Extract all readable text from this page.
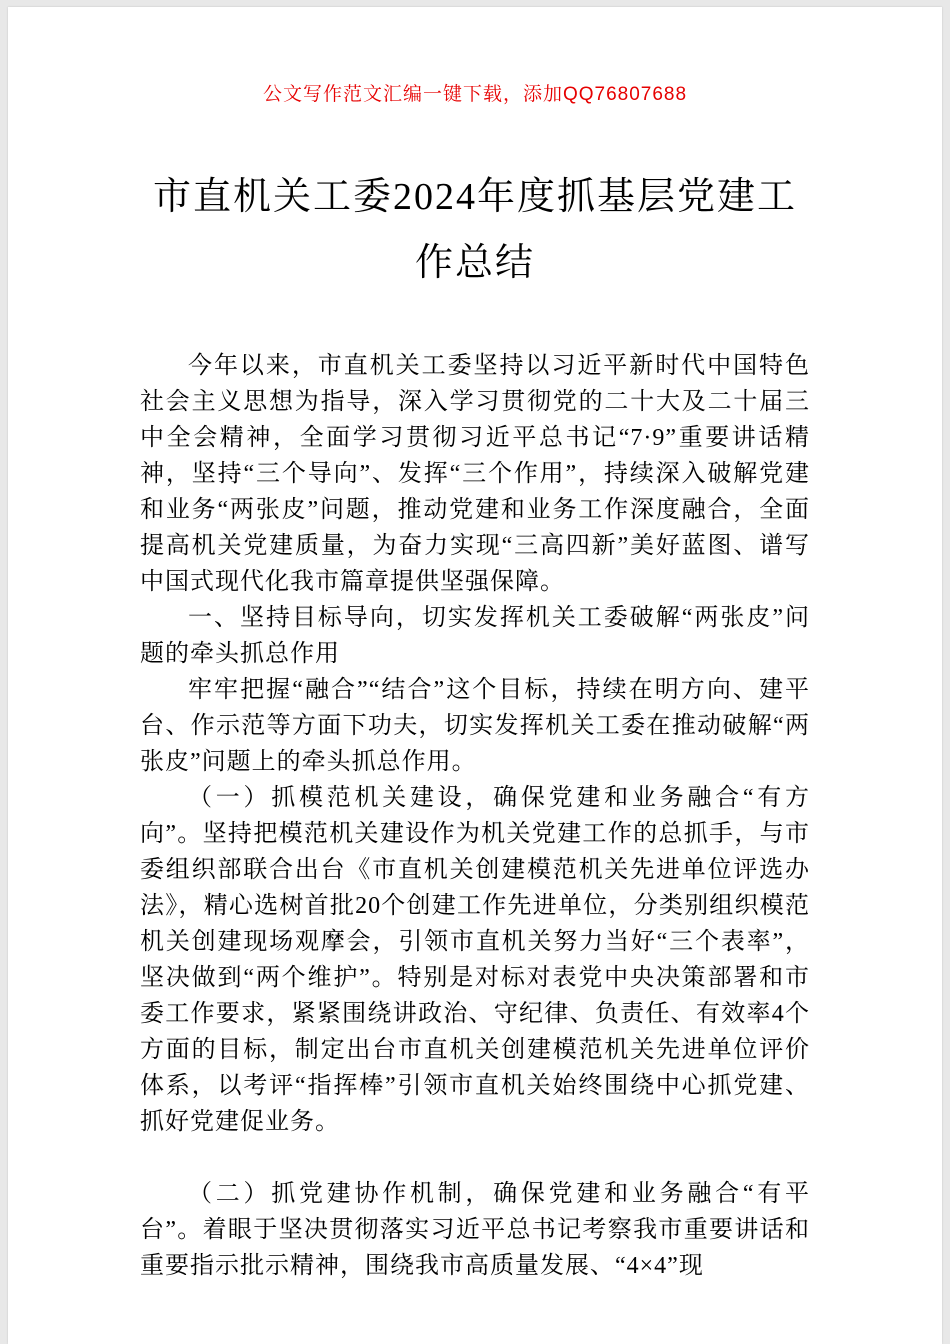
公文写作范文汇编一键下载，添加QQ76807688

市直机关工委2024年度抓基层党建工作总结

今年以来，市直机关工委坚持以习近平新时代中国特色社会主义思想为指导，深入学习贯彻党的二十大及二十届三中全会精神，全面学习贯彻习近平总书记“7·9”重要讲话精神，坚持“三个导向”、发挥“三个作用”，持续深入破解党建和业务“两张皮”问题，推动党建和业务工作深度融合，全面提高机关党建质量，为奋力实现“三高四新”美好蓝图、谱写中国式现代化我市篇章提供坚强保障。

一、坚持目标导向，切实发挥机关工委破解“两张皮”问题的牵头抓总作用

牢牢把握“融合”“结合”这个目标，持续在明方向、建平台、作示范等方面下功夫，切实发挥机关工委在推动破解“两张皮”问题上的牵头抓总作用。

（一）抓模范机关建设，确保党建和业务融合“有方向”。坚持把模范机关建设作为机关党建工作的总抓手，与市委组织部联合出台《市直机关创建模范机关先进单位评选办法》，精心选树首批20个创建工作先进单位，分类别组织模范机关创建现场观摩会，引领市直机关努力当好“三个表率”，坚决做到“两个维护”。特别是对标对表党中央决策部署和市委工作要求，紧紧围绕讲政治、守纪律、负责任、有效率4个方面的目标，制定出台市直机关创建模范机关先进单位评价体系，以考评“指挥棒”引领市直机关始终围绕中心抓党建、抓好党建促业务。

（二）抓党建协作机制，确保党建和业务融合“有平台”。着眼于坚决贯彻落实习近平总书记考察我市重要讲话和重要指示批示精神，围绕我市高质量发展、“4×4”现
